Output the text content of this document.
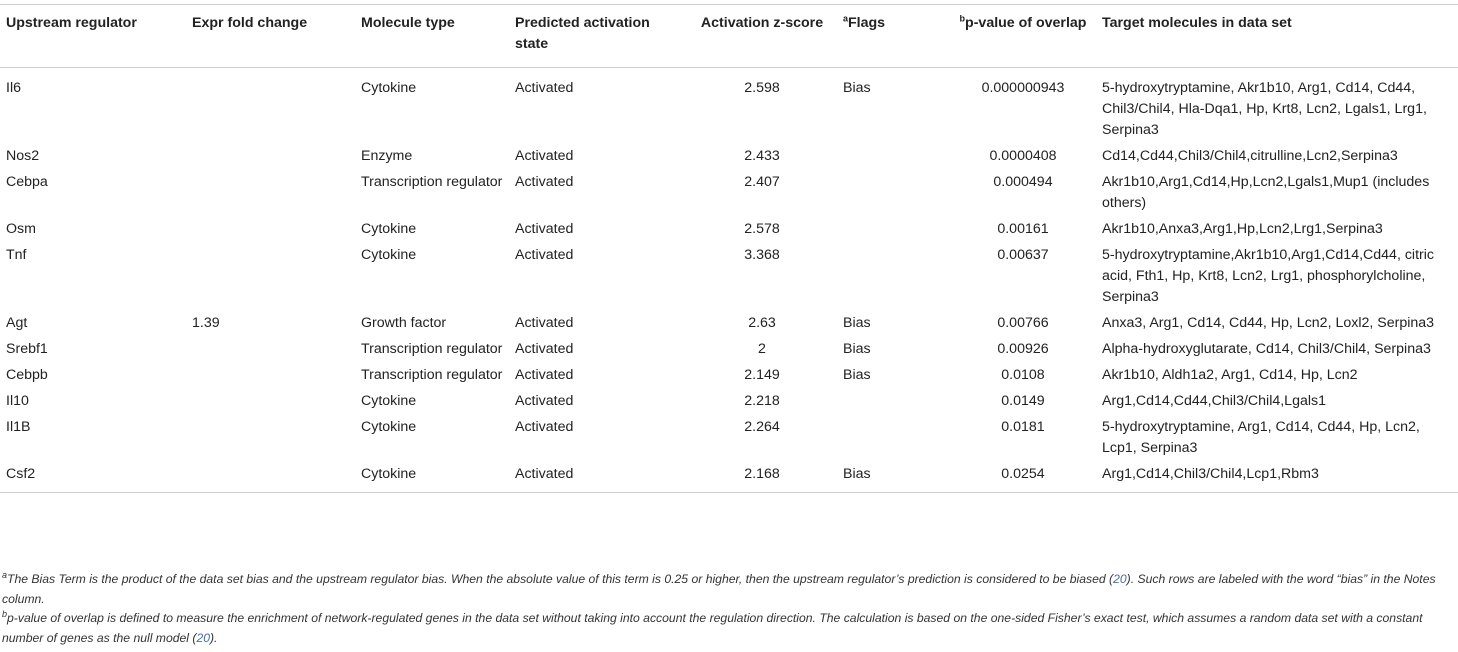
Upstream regulator	Expr fold change	Molecule type	Predicted activation state	Activation z-score	$^a$Flags	$^b$p-value of overlap	Target molecules in data set
Il6		Cytokine	Activated	2.598	Bias	0.000000943	5-hydroxytryptamine, Akr1b10, Arg1, Cd14, Cd44, Chil3/Chil4, Hla-Dqa1, Hp, Krt8, Lcn2, Lgals1, Lrg1, Serpina3
Nos2		Enzyme	Activated	2.433		0.0000408	Cd14,Cd44,Chil3/Chil4,citrulline,Lcn2,Serpina3
Cebpa		Transcription regulator	Activated	2.407		0.000494	Akr1b10,Arg1,Cd14,Hp,Lcn2,Lgals1,Mup1 (includes others)
Osm		Cytokine	Activated	2.578		0.00161	Akr1b10,Anxa3,Arg1,Hp,Lcn2,Lrg1,Serpina3
Tnf		Cytokine	Activated	3.368		0.00637	5-hydroxytryptamine,Akr1b10,Arg1,Cd14,Cd44, citric acid, Fth1, Hp, Krt8, Lcn2, Lrg1, phosphorylcholine, Serpina3
Agt	1.39	Growth factor	Activated	2.63	Bias	0.00766	Anxa3, Arg1, Cd14, Cd44, Hp, Lcn2, Loxl2, Serpina3
Srebf1		Transcription regulator	Activated	2	Bias	0.00926	Alpha-hydroxyglutarate, Cd14, Chil3/Chil4, Serpina3
Cebpb		Transcription regulator	Activated	2.149	Bias	0.0108	Akr1b10, Aldh1a2, Arg1, Cd14, Hp, Lcn2
Il10		Cytokine	Activated	2.218		0.0149	Arg1,Cd14,Cd44,Chil3/Chil4,Lgals1
Il1B		Cytokine	Activated	2.264		0.0181	5-hydroxytryptamine, Arg1, Cd14, Cd44, Hp, Lcn2, Lcp1, Serpina3
Csf2		Cytokine	Activated	2.168	Bias	0.0254	Arg1,Cd14,Chil3/Chil4,Lcp1,Rbm3

$^a$The Bias Term is the product of the data set bias and the upstream regulator bias. When the absolute value of this term is 0.25 or higher, then the upstream regulator’s prediction is considered to be biased (20). Such rows are labeled with the word “bias” in the Notes column.

$^b$p-value of overlap is defined to measure the enrichment of network-regulated genes in the data set without taking into account the regulation direction. The calculation is based on the one-sided Fisher’s exact test, which assumes a random data set with a constant number of genes as the null model (20).
